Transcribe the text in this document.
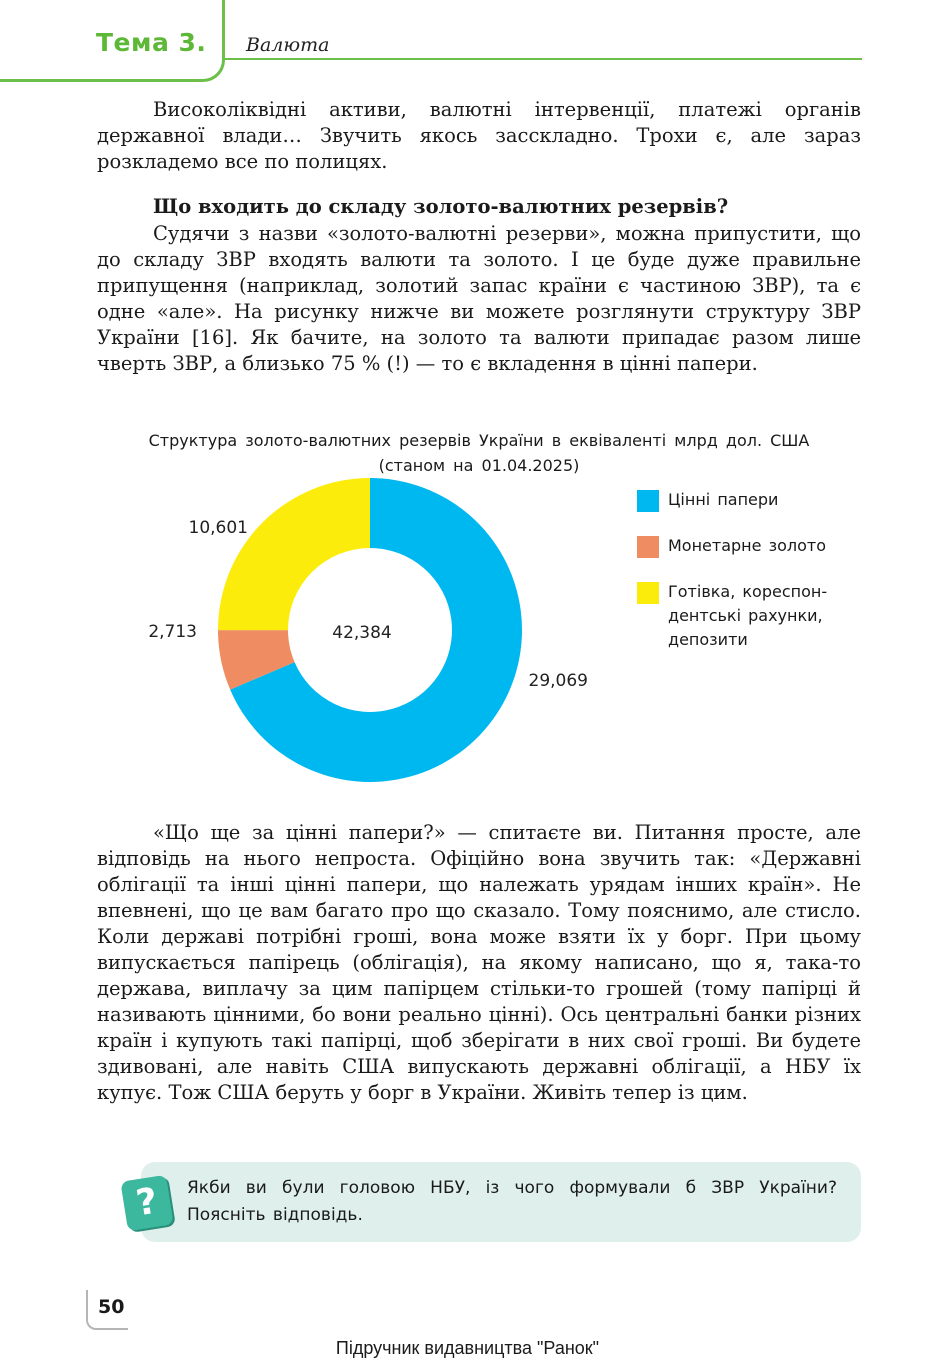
Тема 3. Валюта

Високоліквідні активи, валютні інтервенції, платежі органів державної влади… Звучить якось засскладно. Трохи є, але зараз розкладемо все по полицях.

Що входить до складу золото-валютних резервів?

Судячи з назви «золото-валютні резерви», можна припустити, що до складу ЗВР входять валюти та золото. І це буде дуже правильне припущення (наприклад, золотий запас країни є частиною ЗВР), та є одне «але». На рисунку нижче ви можете розглянути структуру ЗВР України [16]. Як бачите, на золото та валюти припадає разом лише чверть ЗВР, а близько 75 % (!) — то є вкладення в цінні папери.

Структура золото-валютних резервів України в еквіваленті млрд дол. США
(станом на 01.04.2025)
42,384
29,069
2,713
10,601
Цінні папери
Монетарне золото
Готівка, кореспон-дентські рахунки, депозити

«Що ще за цінні папери?» — спитаєте ви. Питання просте, але відповідь на нього непроста. Офіційно вона звучить так: «Державні облігації та інші цінні папери, що належать урядам інших країн». Не впевнені, що це вам багато про що сказало. Тому пояснимо, але стисло. Коли державі потрібні гроші, вона може взяти їх у борг. При цьому випускається папірець (облігація), на якому написано, що я, така-то держава, виплачу за цим папірцем стільки-то грошей (тому папірці й називають цінними, бо вони реально цінні). Ось центральні банки різних країн і купують такі папірці, щоб зберігати в них свої гроші. Ви будете здивовані, але навіть США випускають державні облігації, а НБУ їх купує. Тож США беруть у борг в України. Живіть тепер із цим.

?	Якби ви були головою НБУ, із чого формували б ЗВР України? Поясніть відповідь.

50
Підручник видавництва "Ранок"
